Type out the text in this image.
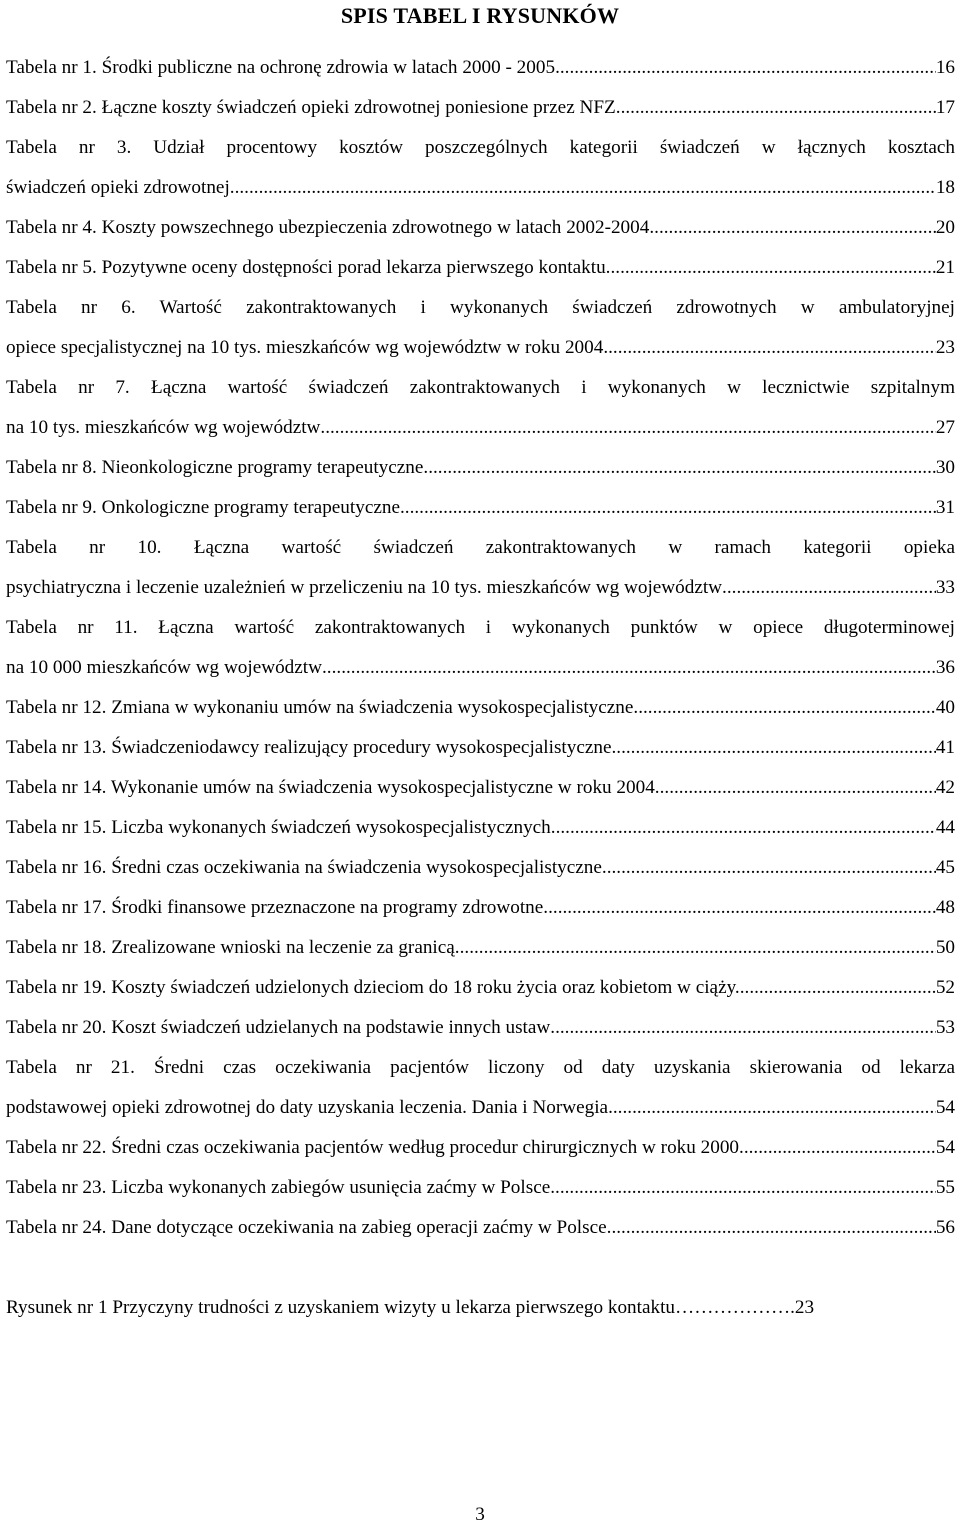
SPIS TABEL I RYSUNKÓW
Tabela nr 1. Środki publiczne na ochronę zdrowia w latach 2000 - 2005 .....	16
Tabela nr 2. Łączne koszty świadczeń opieki zdrowotnej poniesione przez NFZ .....	17
Tabela nr 3. Udział procentowy kosztów poszczególnych kategorii świadczeń w łącznych kosztach
świadczeń opieki zdrowotnej .....	18
Tabela nr 4. Koszty powszechnego ubezpieczenia zdrowotnego w latach 2002-2004. .....	20
Tabela nr 5. Pozytywne oceny dostępności porad lekarza pierwszego kontaktu .....	21
Tabela nr 6. Wartość zakontraktowanych i wykonanych świadczeń zdrowotnych w ambulatoryjnej
opiece specjalistycznej na 10 tys. mieszkańców wg województw w roku 2004 .....	23
Tabela nr 7. Łączna wartość świadczeń zakontraktowanych i wykonanych w lecznictwie szpitalnym
na 10 tys. mieszkańców wg województw .....	27
Tabela nr 8. Nieonkologiczne programy terapeutyczne .....	30
Tabela nr 9. Onkologiczne programy terapeutyczne. .....	31
Tabela nr 10. Łączna wartość świadczeń zakontraktowanych w ramach kategorii opieka
psychiatryczna i leczenie uzależnień w przeliczeniu na 10 tys. mieszkańców wg województw .....	33
Tabela nr 11. Łączna wartość zakontraktowanych i wykonanych punktów w opiece długoterminowej
na 10 000 mieszkańców wg województw .....	36
Tabela nr 12. Zmiana w wykonaniu umów na świadczenia wysokospecjalistyczne. .....	40
Tabela nr 13. Świadczeniodawcy realizujący procedury wysokospecjalistyczne. .....	41
Tabela nr 14. Wykonanie umów na świadczenia wysokospecjalistyczne w roku 2004. .....	42
Tabela nr 15. Liczba wykonanych świadczeń wysokospecjalistycznych. .....	44
Tabela nr 16. Średni czas oczekiwania na świadczenia wysokospecjalistyczne. .....	45
Tabela nr 17. Środki finansowe przeznaczone na programy zdrowotne. .....	48
Tabela nr 18. Zrealizowane wnioski na leczenie za granicą. .....	50
Tabela nr 19. Koszty świadczeń udzielonych dzieciom do 18 roku życia oraz kobietom w ciąży. .....	52
Tabela nr 20. Koszt świadczeń udzielanych na podstawie innych ustaw .....	53
Tabela nr 21. Średni czas oczekiwania pacjentów liczony od daty uzyskania skierowania od lekarza
podstawowej opieki zdrowotnej do daty uzyskania leczenia. Dania i Norwegia .....	54
Tabela nr 22. Średni czas oczekiwania pacjentów według procedur chirurgicznych w roku 2000. .....	54
Tabela nr 23. Liczba wykonanych zabiegów usunięcia zaćmy w Polsce .....	55
Tabela nr 24. Dane dotyczące oczekiwania na zabieg operacji zaćmy w Polsce. .....	56
Rysunek nr 1 Przyczyny trudności z uzyskaniem wizyty u lekarza pierwszego kontaktu……………….23
3
